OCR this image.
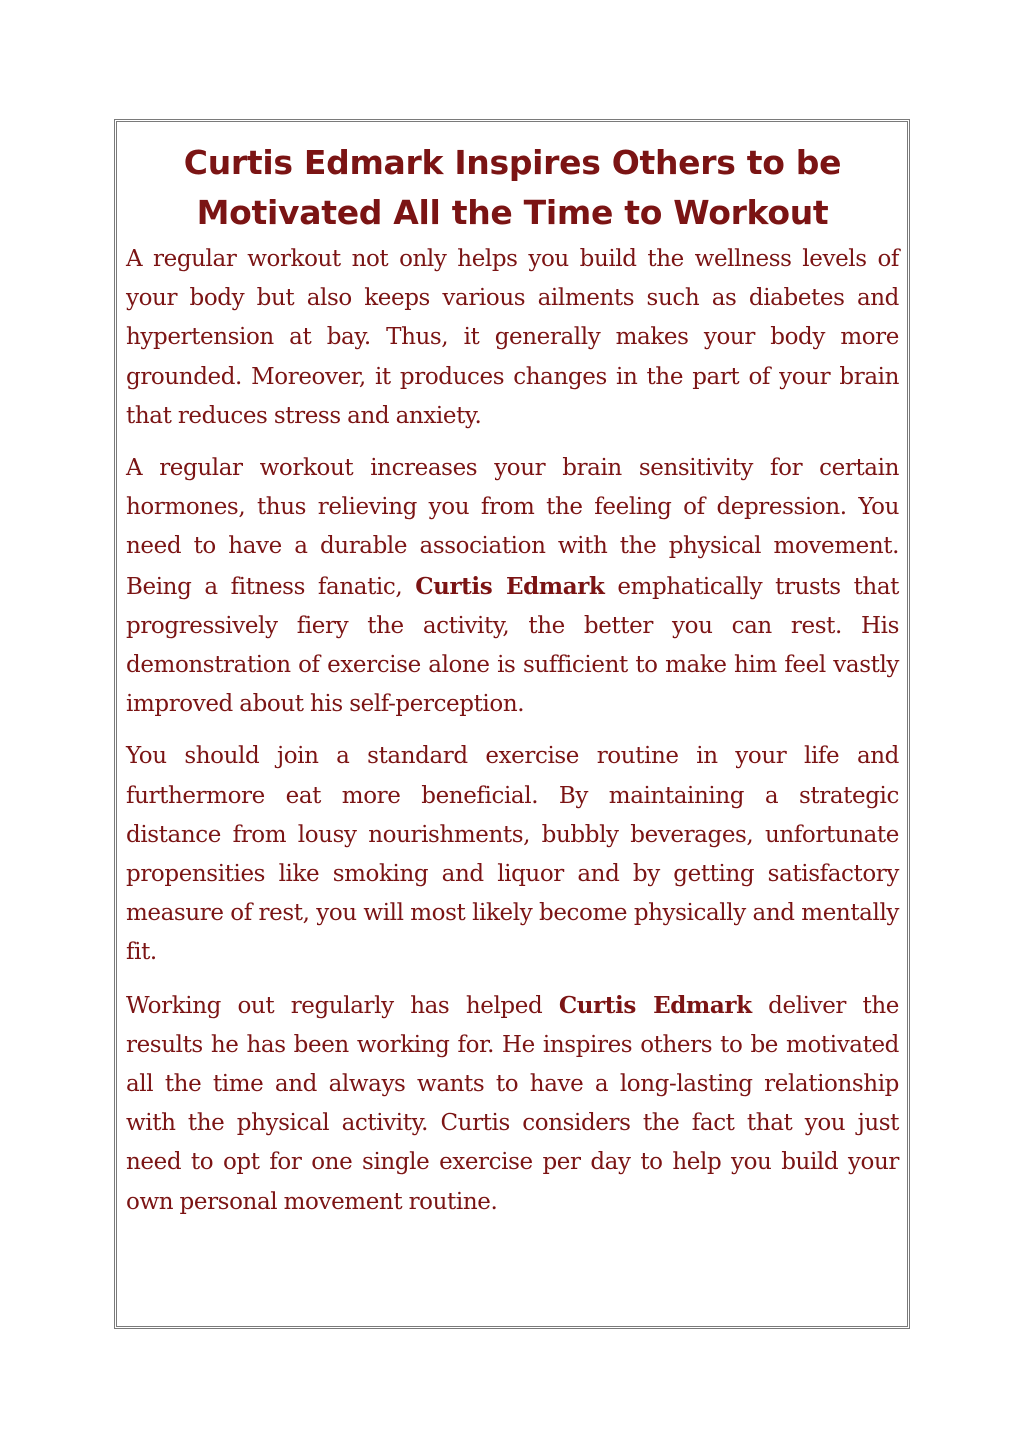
Curtis Edmark Inspires Others to be Motivated All the Time to Workout

A regular workout not only helps you build the wellness levels of your body but also keeps various ailments such as diabetes and hypertension at bay. Thus, it generally makes your body more grounded. Moreover, it produces changes in the part of your brain that reduces stress and anxiety.

A regular workout increases your brain sensitivity for certain hormones, thus relieving you from the feeling of depression. You need to have a durable association with the physical movement. Being a fitness fanatic, Curtis Edmark emphatically trusts that progressively fiery the activity, the better you can rest. His demonstration of exercise alone is sufficient to make him feel vastly improved about his self-perception.

You should join a standard exercise routine in your life and furthermore eat more beneficial. By maintaining a strategic distance from lousy nourishments, bubbly beverages, unfortunate propensities like smoking and liquor and by getting satisfactory measure of rest, you will most likely become physically and mentally fit.

Working out regularly has helped Curtis Edmark deliver the results he has been working for. He inspires others to be motivated all the time and always wants to have a long-lasting relationship with the physical activity. Curtis considers the fact that you just need to opt for one single exercise per day to help you build your own personal movement routine.
